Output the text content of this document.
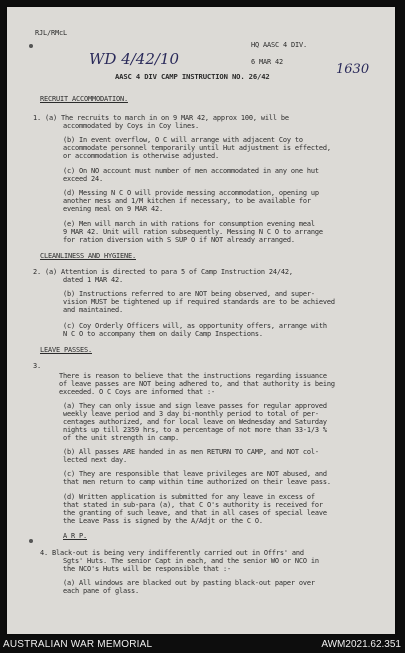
RJL/RMcL
HQ AASC 4 DIV.
6 MAR 42
WD 4/42/10
1630
AASC 4 DIV CAMP INSTRUCTION NO. 26/42
RECRUIT ACCOMMODATION.
1. (a) The recruits to march in on 9 MAR 42, approx 100, will be
accommodated by Coys in Coy lines.
(b) In event overflow, O C will arrange with adjacent Coy to
accommodate personnel temporarily until Hut adjustment is effected,
or accommodation is otherwise adjusted.
(c) On NO account must number of men accommodated in any one hut
exceed 24.
(d) Messing N C O will provide messing accommodation, opening up
another mess and 1/M kitchen if necessary, to be available for
evening meal on 9 MAR 42.
(e) Men will march in with rations for consumption evening meal
9 MAR 42. Unit will ration subsequently. Messing N C O to arrange
for ration diversion with S SUP O if NOT already arranged.
CLEANLINESS AND HYGIENE.
2. (a) Attention is directed to para 5 of Camp Instruction 24/42,
dated 1 MAR 42.
(b) Instructions referred to are NOT being observed, and super-
vision MUST be tightened up if required standards are to be achieved
and maintained.
(c) Coy Orderly Officers will, as opportunity offers, arrange with
N C O to accompany them on daily Camp Inspections.
LEAVE PASSES.
3.
There is reason to believe that the instructions regarding issuance
of leave passes are NOT being adhered to, and that authority is being
exceeded. O C Coys are informed that :-
(a) They can only issue and sign leave passes for regular approved
weekly leave period and 3 day bi-monthly period to total of per-
centages authorized, and for local leave on Wednesday and Saturday
nights up till 2359 hrs, to a percentage of not more than 33-1/3 %
of the unit strength in camp.
(b) All passes ARE handed in as men RETURN TO CAMP, and NOT col-
lected next day.
(c) They are responsible that leave privileges are NOT abused, and
that men return to camp within time authorized on their leave pass.
(d) Written application is submitted for any leave in excess of
that stated in sub-para (a), that C O's authority is received for
the granting of such leave, and that in all cases of special leave
the Leave Pass is signed by the A/Adjt or the C O.
A R P.
4. Black-out is being very indifferently carried out in Offrs' and
Sgts' Huts. The senior Capt in each, and the senior WO or NCO in
the NCO's Huts will be responsible that :-
(a) All windows are blacked out by pasting black-out paper over
each pane of glass.
AUSTRALIAN WAR MEMORIAL	AWM2021.62.351
